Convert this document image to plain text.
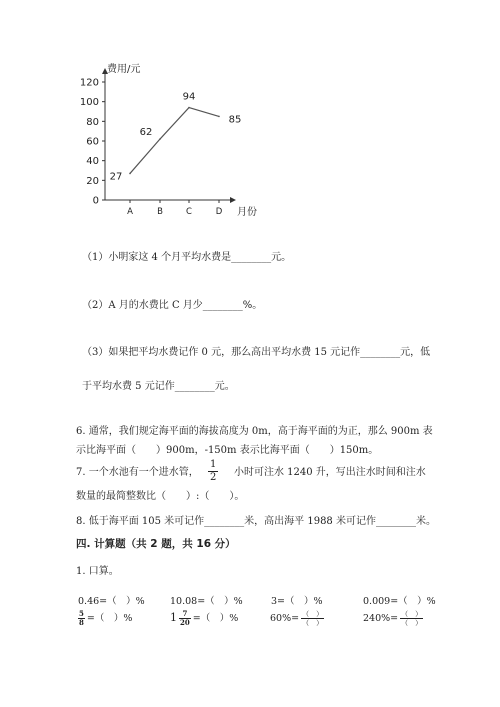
费用/元
月份
0
20
40
60
80
100
120
A	B	C	D
27
62
94
85
（1）小明家这 4 个月平均水费是________元。
（2）A 月的水费比 C 月少________%。
（3）如果把平均水费记作 0 元，那么高出平均水费 15 元记作________元，低
于平均水费 5 元记作________元。
6. 通常，我们规定海平面的海拔高度为 0m，高于海平面的为正，那么 900m 表
示比海平面（　　）900m，-150m 表示比海平面（　　）150m。
7. 一个水池有一个进水管， $\frac{1}{2}$ 小时可注水 1240 升，写出注水时间和注水
数量的最简整数比（　　）:（　　）。
8. 低于海平面 105 米可记作________米，高出海平 1988 米可记作________米。
四. 计算题（共 2 题，共 16 分）
1. 口算。
0.46=（　）%	10.08=（　）%	3=（　）%	0.009=（　）%
$\frac{5}{8}$ =（　）%	$1 \frac{7}{20}$ =（　）%	$60\%= \frac{( )}{( )}$	$240\%= \frac{( )}{( )}$
